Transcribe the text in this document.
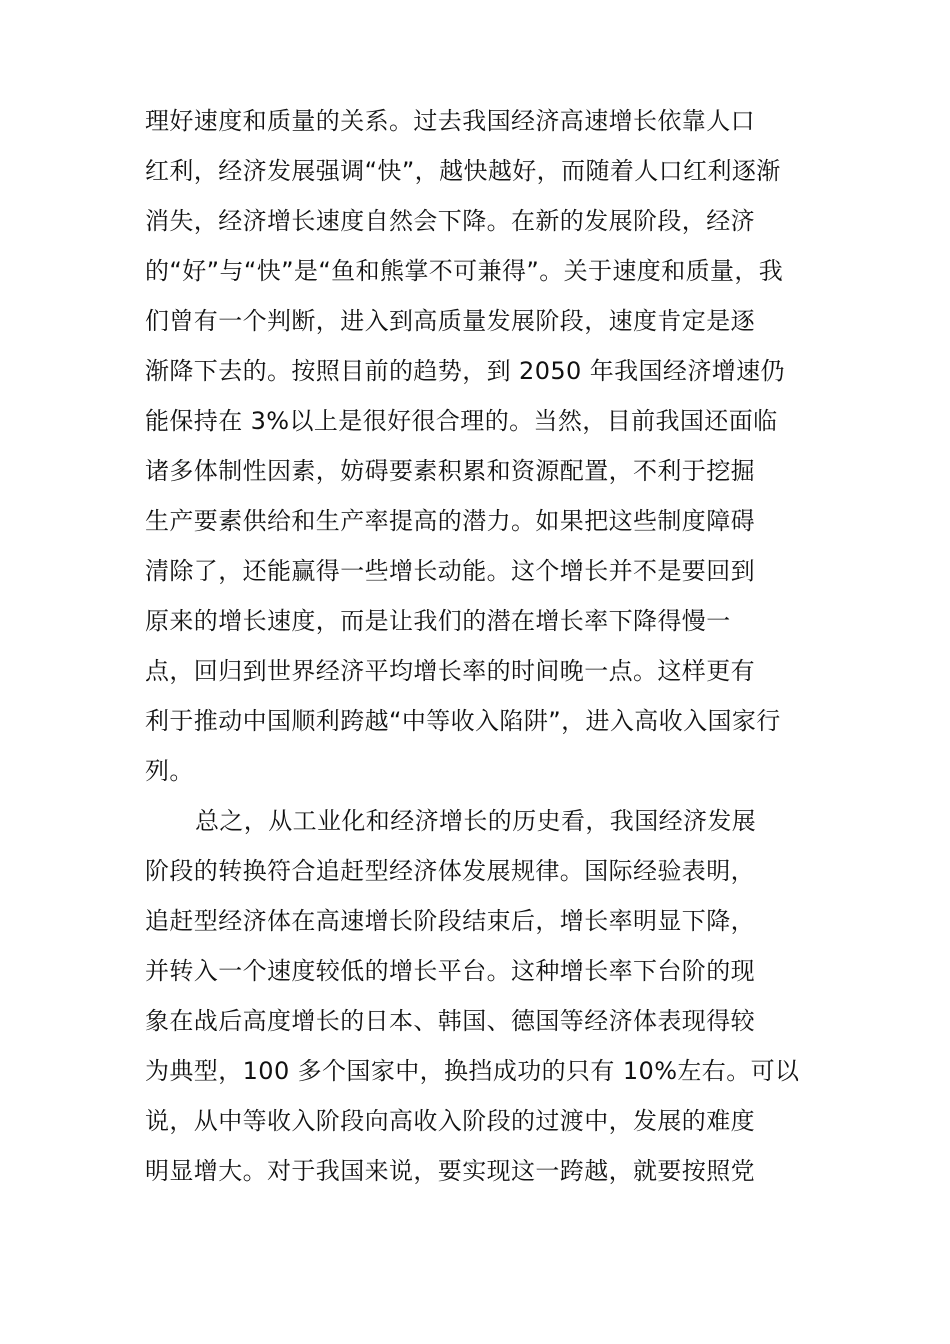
理好速度和质量的关系。过去我国经济高速增长依靠人口
红利，经济发展强调“快”，越快越好，而随着人口红利逐渐
消失，经济增长速度自然会下降。在新的发展阶段，经济
的“好”与“快”是“鱼和熊掌不可兼得”。关于速度和质量，我
们曾有一个判断，进入到高质量发展阶段，速度肯定是逐
渐降下去的。按照目前的趋势，到 2050 年我国经济增速仍
能保持在 3%以上是很好很合理的。当然，目前我国还面临
诸多体制性因素，妨碍要素积累和资源配置，不利于挖掘
生产要素供给和生产率提高的潜力。如果把这些制度障碍
清除了，还能赢得一些增长动能。这个增长并不是要回到
原来的增长速度，而是让我们的潜在增长率下降得慢一
点，回归到世界经济平均增长率的时间晚一点。这样更有
利于推动中国顺利跨越“中等收入陷阱”，进入高收入国家行
列。
总之，从工业化和经济增长的历史看，我国经济发展
阶段的转换符合追赶型经济体发展规律。国际经验表明，
追赶型经济体在高速增长阶段结束后，增长率明显下降，
并转入一个速度较低的增长平台。这种增长率下台阶的现
象在战后高度增长的日本、韩国、德国等经济体表现得较
为典型，100 多个国家中，换挡成功的只有 10%左右。可以
说，从中等收入阶段向高收入阶段的过渡中，发展的难度
明显增大。对于我国来说，要实现这一跨越，就要按照党
